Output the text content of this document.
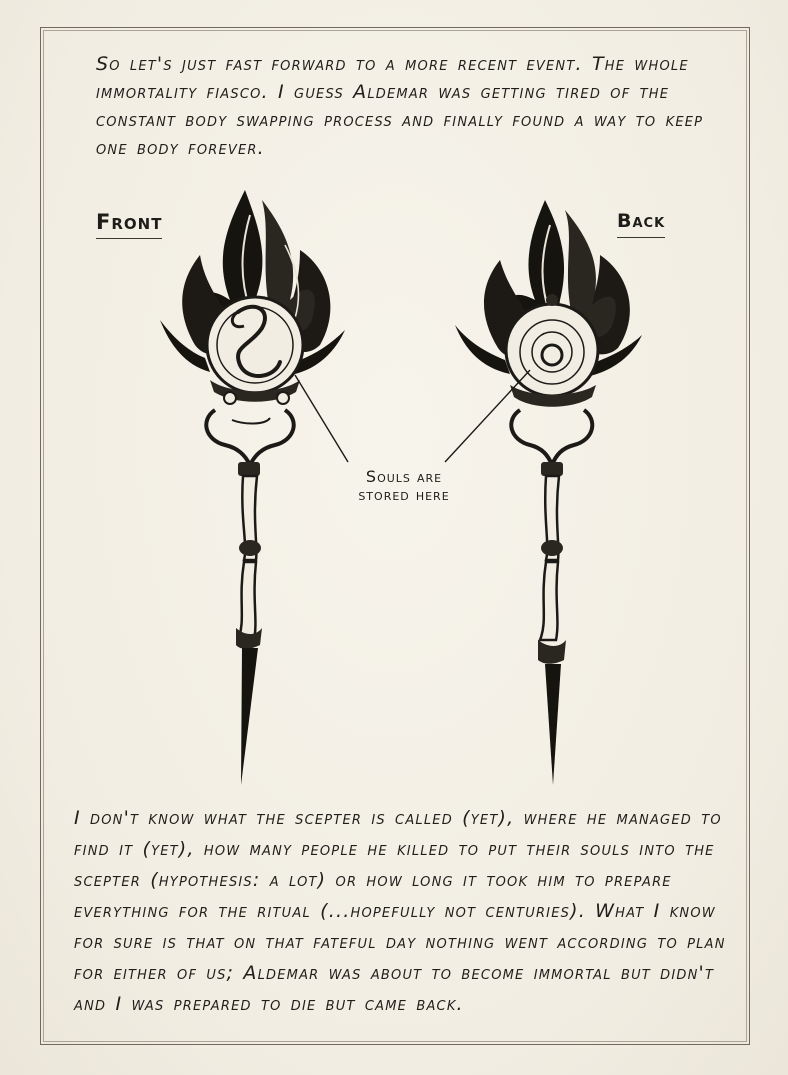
So let's just fast forward to a more recent event. The whole immortality fiasco. I guess Aldemar was getting tired of the constant body swapping process and finally found a way to keep one body forever.
Front	Back
Souls are
stored here
I don't know what the scepter is called (yet), where he managed to find it (yet), how many people he killed to put their souls into the scepter (hypothesis: a lot) or how long it took him to prepare everything for the ritual (...hopefully not centuries). What I know for sure is that on that fateful day nothing went according to plan for either of us; Aldemar was about to become immortal but didn't and I was prepared to die but came back.
